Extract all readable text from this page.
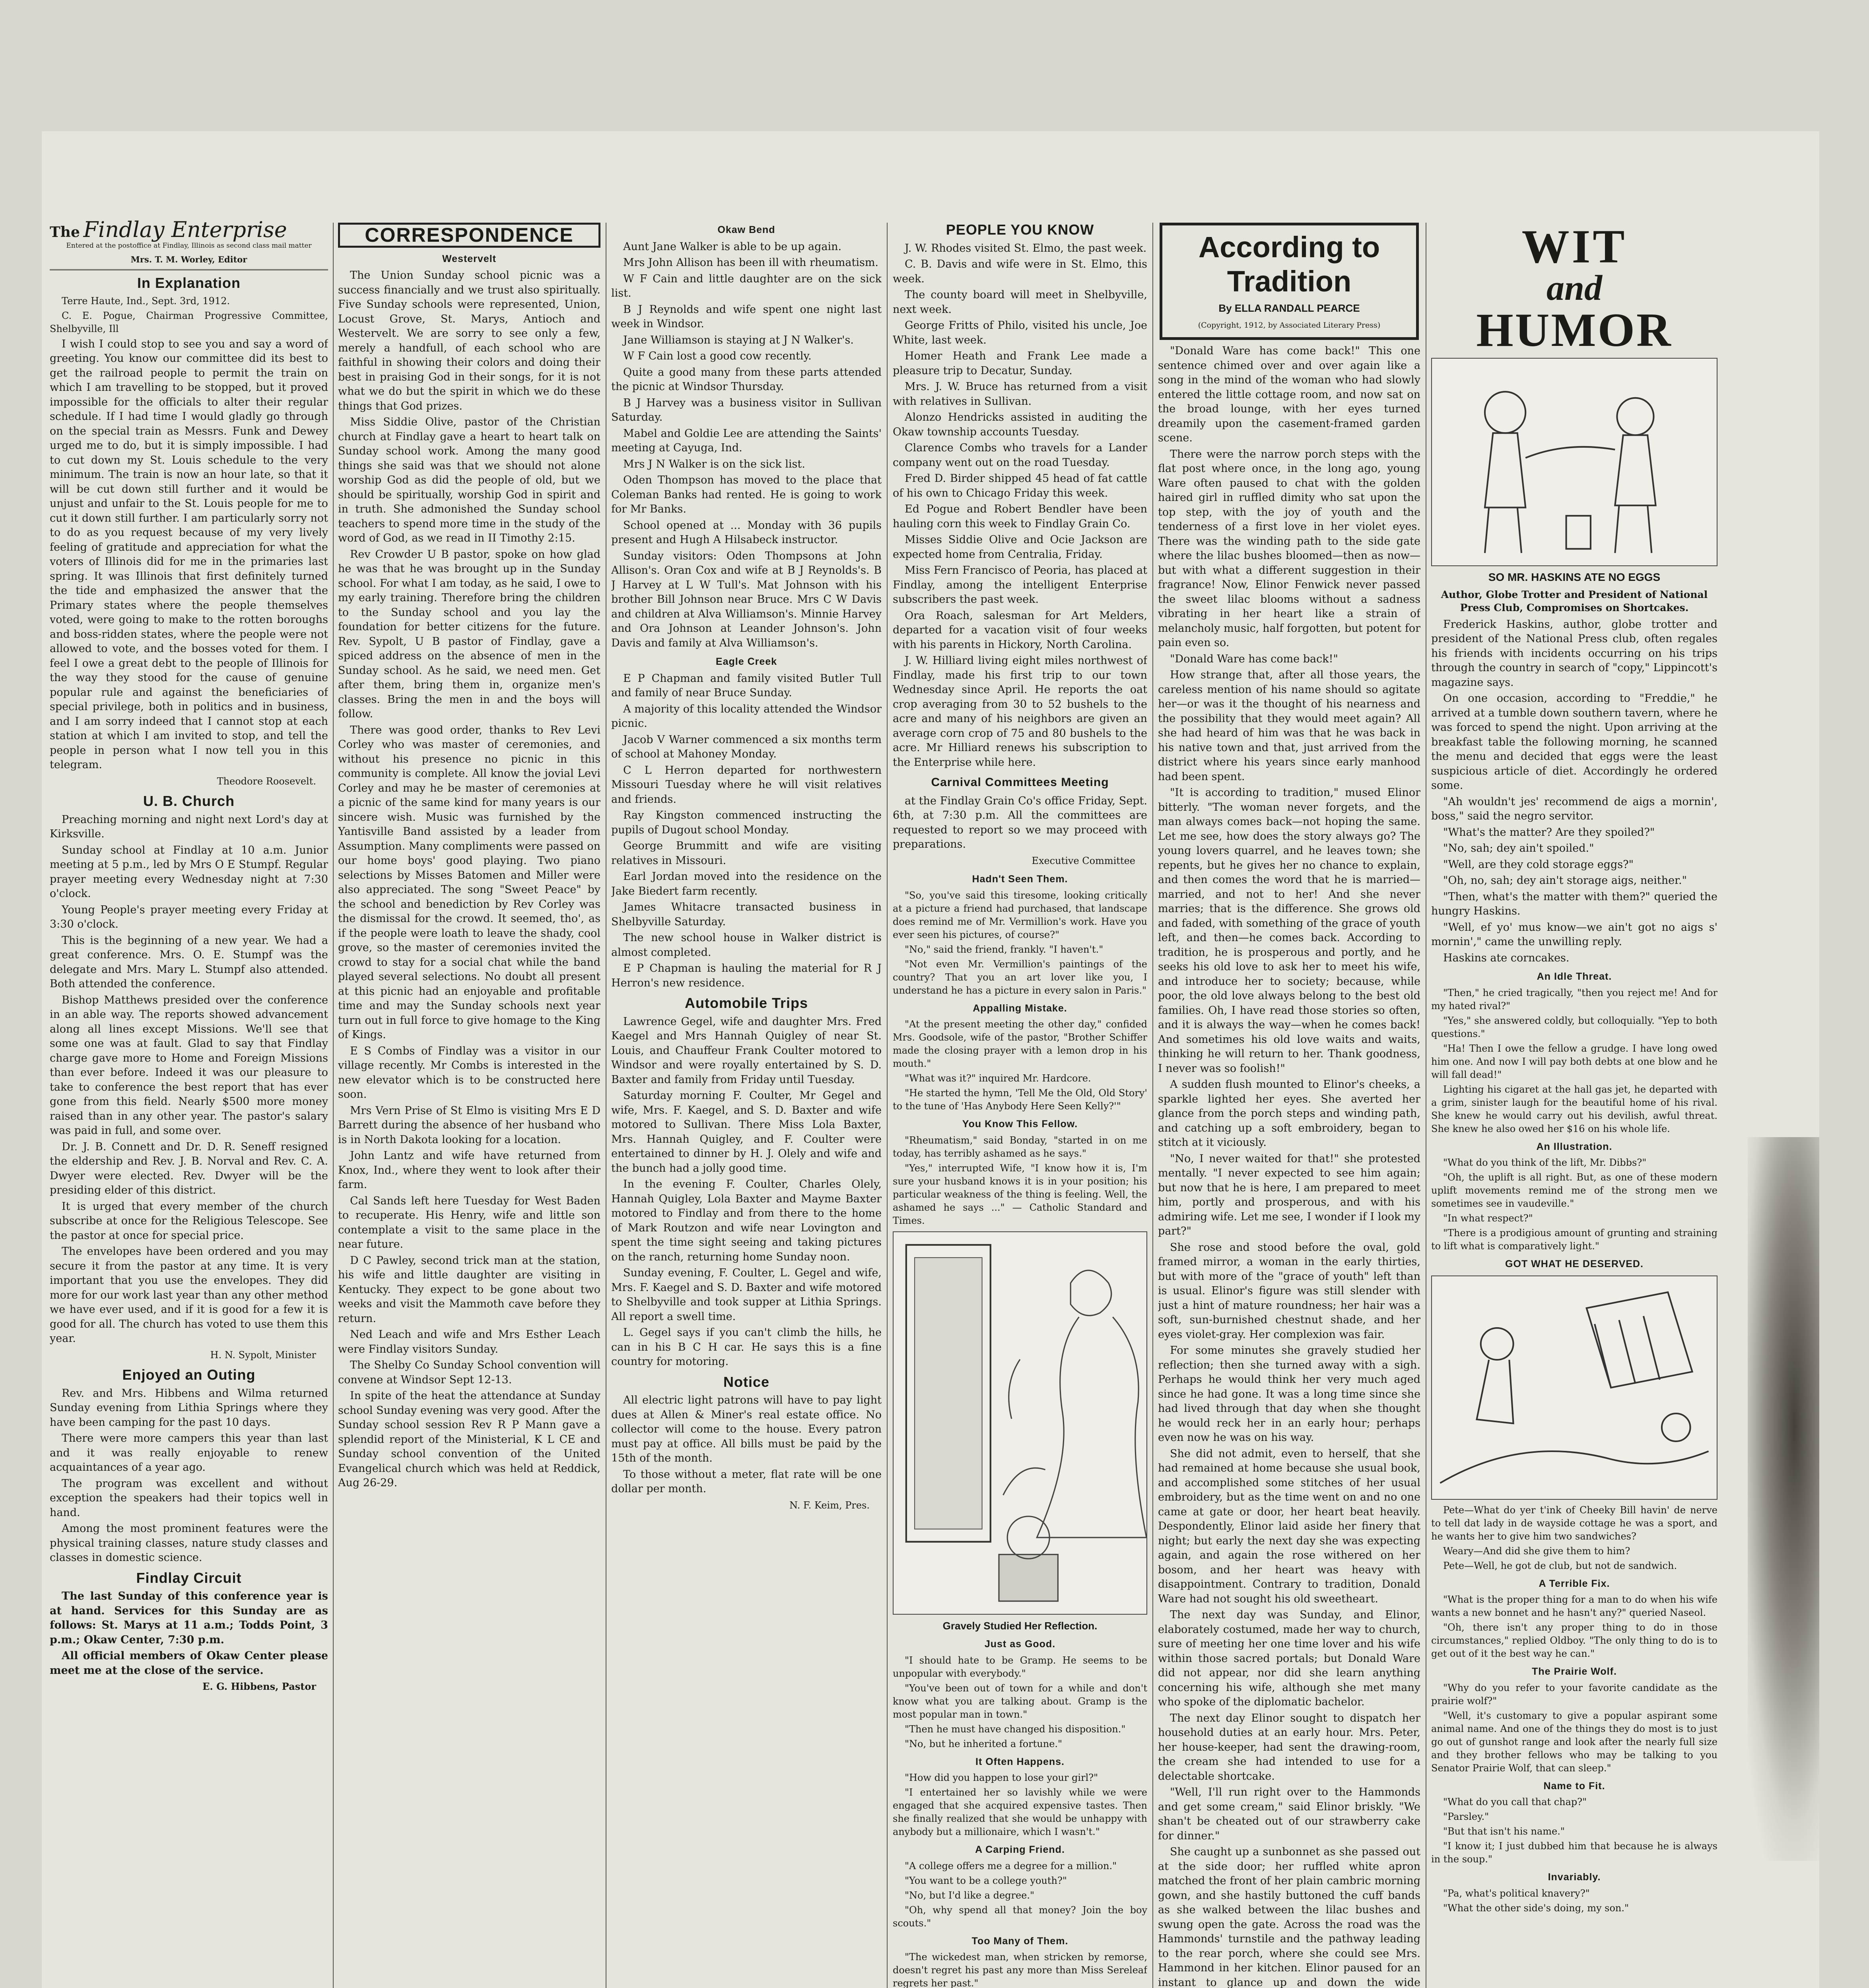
The Findlay Enterprise
Entered at the postoffice at Findlay, Illinois as second class mail matter
Mrs. T. M. Worley, Editor
In Explanation

Terre Haute, Ind., Sept. 3rd, 1912.

C. E. Pogue, Chairman Progressive Committee, Shelbyville, Ill

I wish I could stop to see you and say a word of greeting. You know our committee did its best to get the railroad people to permit the train on which I am travelling to be stopped, but it proved impossible for the officials to alter their regular schedule. If I had time I would gladly go through on the special train as Messrs. Funk and Dewey urged me to do, but it is simply impossible. I had to cut down my St. Louis schedule to the very minimum. The train is now an hour late, so that it will be cut down still further and it would be unjust and unfair to the St. Louis people for me to cut it down still further. I am particularly sorry not to do as you request because of my very lively feeling of gratitude and appreciation for what the voters of Illinois did for me in the primaries last spring. It was Illinois that first definitely turned the tide and emphasized the answer that the Primary states where the people themselves voted, were going to make to the rotten boroughs and boss-ridden states, where the people were not allowed to vote, and the bosses voted for them. I feel I owe a great debt to the people of Illinois for the way they stood for the cause of genuine popular rule and against the beneficiaries of special privilege, both in politics and in business, and I am sorry indeed that I cannot stop at each station at which I am invited to stop, and tell the people in person what I now tell you in this telegram.

Theodore Roosevelt.
U. B. Church

Preaching morning and night next Lord's day at Kirksville.

Sunday school at Findlay at 10 a.m. Junior meeting at 5 p.m., led by Mrs O E Stumpf. Regular prayer meeting every Wednesday night at 7:30 o'clock.

Young People's prayer meeting every Friday at 3:30 o'clock.

This is the beginning of a new year. We had a great conference. Mrs. O. E. Stumpf was the delegate and Mrs. Mary L. Stumpf also attended. Both attended the conference.

Bishop Matthews presided over the conference in an able way. The reports showed advancement along all lines except Missions. We'll see that some one was at fault. Glad to say that Findlay charge gave more to Home and Foreign Missions than ever before. Indeed it was our pleasure to take to conference the best report that has ever gone from this field. Nearly $500 more money raised than in any other year. The pastor's salary was paid in full, and some over.

Dr. J. B. Connett and Dr. D. R. Seneff resigned the eldership and Rev. J. B. Norval and Rev. C. A. Dwyer were elected. Rev. Dwyer will be the presiding elder of this district.

It is urged that every member of the church subscribe at once for the Religious Telescope. See the pastor at once for special price.

The envelopes have been ordered and you may secure it from the pastor at any time. It is very important that you use the envelopes. They did more for our work last year than any other method we have ever used, and if it is good for a few it is good for all. The church has voted to use them this year.

H. N. Sypolt, Minister
Enjoyed an Outing

Rev. and Mrs. Hibbens and Wilma returned Sunday evening from Lithia Springs where they have been camping for the past 10 days.

There were more campers this year than last and it was really enjoyable to renew acquaintances of a year ago.

The program was excellent and without exception the speakers had their topics well in hand.

Among the most prominent features were the physical training classes, nature study classes and classes in domestic science.

Findlay Circuit

The last Sunday of this conference year is at hand. Services for this Sunday are as follows: St. Marys at 11 a.m.; Todds Point, 3 p.m.; Okaw Center, 7:30 p.m.

All official members of Okaw Center please meet me at the close of the service.

E. G. Hibbens, Pastor
CORRESPONDENCE
Westervelt

The Union Sunday school picnic was a success financially and we trust also spiritually. Five Sunday schools were represented, Union, Locust Grove, St. Marys, Antioch and Westervelt. We are sorry to see only a few, merely a handfull, of each school who are faithful in showing their colors and doing their best in praising God in their songs, for it is not what we do but the spirit in which we do these things that God prizes.

Miss Siddie Olive, pastor of the Christian church at Findlay gave a heart to heart talk on Sunday school work. Among the many good things she said was that we should not alone worship God as did the people of old, but we should be spiritually, worship God in spirit and in truth. She admonished the Sunday school teachers to spend more time in the study of the word of God, as we read in II Timothy 2:15.

Rev Crowder U B pastor, spoke on how glad he was that he was brought up in the Sunday school. For what I am today, as he said, I owe to my early training. Therefore bring the children to the Sunday school and you lay the foundation for better citizens for the future. Rev. Sypolt, U B pastor of Findlay, gave a spiced address on the absence of men in the Sunday school. As he said, we need men. Get after them, bring them in, organize men's classes. Bring the men in and the boys will follow.

There was good order, thanks to Rev Levi Corley who was master of ceremonies, and without his presence no picnic in this community is complete. All know the jovial Levi Corley and may he be master of ceremonies at a picnic of the same kind for many years is our sincere wish. Music was furnished by the Yantisville Band assisted by a leader from Assumption. Many compliments were passed on our home boys' good playing. Two piano selections by Misses Batomen and Miller were also appreciated. The song "Sweet Peace" by the school and benediction by Rev Corley was the dismissal for the crowd. It seemed, tho', as if the people were loath to leave the shady, cool grove, so the master of ceremonies invited the crowd to stay for a social chat while the band played several selections. No doubt all present at this picnic had an enjoyable and profitable time and may the Sunday schools next year turn out in full force to give homage to the King of Kings.

E S Combs of Findlay was a visitor in our village recently. Mr Combs is interested in the new elevator which is to be constructed here soon.

Mrs Vern Prise of St Elmo is visiting Mrs E D Barrett during the absence of her husband who is in North Dakota looking for a location.

John Lantz and wife have returned from Knox, Ind., where they went to look after their farm.

Cal Sands left here Tuesday for West Baden to recuperate. His Henry, wife and little son contemplate a visit to the same place in the near future.

D C Pawley, second trick man at the station, his wife and little daughter are visiting in Kentucky. They expect to be gone about two weeks and visit the Mammoth cave before they return.

Ned Leach and wife and Mrs Esther Leach were Findlay visitors Sunday.

The Shelby Co Sunday School convention will convene at Windsor Sept 12-13.

In spite of the heat the attendance at Sunday school Sunday evening was very good. After the Sunday school session Rev R P Mann gave a splendid report of the Ministerial, K L CE and Sunday school convention of the United Evangelical church which was held at Reddick, Aug 26-29.

Okaw Bend

Aunt Jane Walker is able to be up again.

Mrs John Allison has been ill with rheumatism.

W F Cain and little daughter are on the sick list.

B J Reynolds and wife spent one night last week in Windsor.

Jane Williamson is staying at J N Walker's.

W F Cain lost a good cow recently.

Quite a good many from these parts attended the picnic at Windsor Thursday.

B J Harvey was a business visitor in Sullivan Saturday.

Mabel and Goldie Lee are attending the Saints' meeting at Cayuga, Ind.

Mrs J N Walker is on the sick list.

Oden Thompson has moved to the place that Coleman Banks had rented. He is going to work for Mr Banks.

School opened at ... Monday with 36 pupils present and Hugh A Hilsabeck instructor.

Sunday visitors: Oden Thompsons at John Allison's. Oran Cox and wife at B J Reynolds's. B J Harvey at L W Tull's. Mat Johnson with his brother Bill Johnson near Bruce. Mrs C W Davis and children at Alva Williamson's. Minnie Harvey and Ora Johnson at Leander Johnson's. John Davis and family at Alva Williamson's.

Eagle Creek

E P Chapman and family visited Butler Tull and family of near Bruce Sunday.

A majority of this locality attended the Windsor picnic.

Jacob V Warner commenced a six months term of school at Mahoney Monday.

C L Herron departed for northwestern Missouri Tuesday where he will visit relatives and friends.

Ray Kingston commenced instructing the pupils of Dugout school Monday.

George Brummitt and wife are visiting relatives in Missouri.

Earl Jordan moved into the residence on the Jake Biedert farm recently.

James Whitacre transacted business in Shelbyville Saturday.

The new school house in Walker district is almost completed.

E P Chapman is hauling the material for R J Herron's new residence.

Automobile Trips

Lawrence Gegel, wife and daughter Mrs. Fred Kaegel and Mrs Hannah Quigley of near St. Louis, and Chauffeur Frank Coulter motored to Windsor and were royally entertained by S. D. Baxter and family from Friday until Tuesday.

Saturday morning F. Coulter, Mr Gegel and wife, Mrs. F. Kaegel, and S. D. Baxter and wife motored to Sullivan. There Miss Lola Baxter, Mrs. Hannah Quigley, and F. Coulter were entertained to dinner by H. J. Olely and wife and the bunch had a jolly good time.

In the evening F. Coulter, Charles Olely, Hannah Quigley, Lola Baxter and Mayme Baxter motored to Findlay and from there to the home of Mark Routzon and wife near Lovington and spent the time sight seeing and taking pictures on the ranch, returning home Sunday noon.

Sunday evening, F. Coulter, L. Gegel and wife, Mrs. F. Kaegel and S. D. Baxter and wife motored to Shelbyville and took supper at Lithia Springs. All report a swell time.

L. Gegel says if you can't climb the hills, he can in his B C H car. He says this is a fine country for motoring.

Notice

All electric light patrons will have to pay light dues at Allen & Miner's real estate office. No collector will come to the house. Every patron must pay at office. All bills must be paid by the 15th of the month.

To those without a meter, flat rate will be one dollar per month.

N. F. Keim, Pres.
PEOPLE YOU KNOW

J. W. Rhodes visited St. Elmo, the past week.

C. B. Davis and wife were in St. Elmo, this week.

The county board will meet in Shelbyville, next week.

George Fritts of Philo, visited his uncle, Joe White, last week.

Homer Heath and Frank Lee made a pleasure trip to Decatur, Sunday.

Mrs. J. W. Bruce has returned from a visit with relatives in Sullivan.

Alonzo Hendricks assisted in auditing the Okaw township accounts Tuesday.

Clarence Combs who travels for a Lander company went out on the road Tuesday.

Fred D. Birder shipped 45 head of fat cattle of his own to Chicago Friday this week.

Ed Pogue and Robert Bendler have been hauling corn this week to Findlay Grain Co.

Misses Siddie Olive and Ocie Jackson are expected home from Centralia, Friday.

Miss Fern Francisco of Peoria, has placed at Findlay, among the intelligent Enterprise subscribers the past week.

Ora Roach, salesman for Art Melders, departed for a vacation visit of four weeks with his parents in Hickory, North Carolina.

J. W. Hilliard living eight miles northwest of Findlay, made his first trip to our town Wednesday since April. He reports the oat crop averaging from 30 to 52 bushels to the acre and many of his neighbors are given an average corn crop of 75 and 80 bushels to the acre. Mr Hilliard renews his subscription to the Enterprise while here.

Carnival Committees Meeting

at the Findlay Grain Co's office Friday, Sept. 6th, at 7:30 p.m. All the committees are requested to report so we may proceed with preparations.

Executive Committee
Hadn't Seen Them.

"So, you've said this tiresome, looking critically at a picture a friend had purchased, that landscape does remind me of Mr. Vermillion's work. Have you ever seen his pictures, of course?"

"No," said the friend, frankly. "I haven't."

"Not even Mr. Vermillion's paintings of the country? That you an art lover like you, I understand he has a picture in every salon in Paris."

Appalling Mistake.

"At the present meeting the other day," confided Mrs. Goodsole, wife of the pastor, "Brother Schiffer made the closing prayer with a lemon drop in his mouth."

"What was it?" inquired Mr. Hardcore.

"He started the hymn, 'Tell Me the Old, Old Story' to the tune of 'Has Anybody Here Seen Kelly?'"

You Know This Fellow.

"Rheumatism," said Bonday, "started in on me today, has terribly ashamed as he says."

"Yes," interrupted Wife, "I know how it is, I'm sure your husband knows it is in your position; his particular weakness of the thing is feeling. Well, the ashamed he says ..." — Catholic Standard and Times.

Gravely Studied Her Reflection.
Just as Good.

"I should hate to be Gramp. He seems to be unpopular with everybody."

"You've been out of town for a while and don't know what you are talking about. Gramp is the most popular man in town."

"Then he must have changed his disposition."

"No, but he inherited a fortune."

It Often Happens.

"How did you happen to lose your girl?"

"I entertained her so lavishly while we were engaged that she acquired expensive tastes. Then she finally realized that she would be unhappy with anybody but a millionaire, which I wasn't."

A Carping Friend.

"A college offers me a degree for a million."

"You want to be a college youth?"

"No, but I'd like a degree."

"Oh, why spend all that money? Join the boy scouts."

Too Many of Them.

"The wickedest man, when stricken by remorse, doesn't regret his past any more than Miss Sereleaf regrets her past."

According to Tradition
By ELLA RANDALL PEARCE
(Copyright, 1912, by Associated Literary Press)

"Donald Ware has come back!" This one sentence chimed over and over again like a song in the mind of the woman who had slowly entered the little cottage room, and now sat on the broad lounge, with her eyes turned dreamily upon the casement-framed garden scene.

There were the narrow porch steps with the flat post where once, in the long ago, young Ware often paused to chat with the golden haired girl in ruffled dimity who sat upon the top step, with the joy of youth and the tenderness of a first love in her violet eyes. There was the winding path to the side gate where the lilac bushes bloomed—then as now—but with what a different suggestion in their fragrance! Now, Elinor Fenwick never passed the sweet lilac blooms without a sadness vibrating in her heart like a strain of melancholy music, half forgotten, but potent for pain even so.

"Donald Ware has come back!"

How strange that, after all those years, the careless mention of his name should so agitate her—or was it the thought of his nearness and the possibility that they would meet again? All she had heard of him was that he was back in his native town and that, just arrived from the district where his years since early manhood had been spent.

"It is according to tradition," mused Elinor bitterly. "The woman never forgets, and the man always comes back—not hoping the same. Let me see, how does the story always go? The young lovers quarrel, and he leaves town; she repents, but he gives her no chance to explain, and then comes the word that he is married—married, and not to her! And she never marries; that is the difference. She grows old and faded, with something of the grace of youth left, and then—he comes back. According to tradition, he is prosperous and portly, and he seeks his old love to ask her to meet his wife, and introduce her to society; because, while poor, the old love always belong to the best old families. Oh, I have read those stories so often, and it is always the way—when he comes back! And sometimes his old love waits and waits, thinking he will return to her. Thank goodness, I never was so foolish!"

A sudden flush mounted to Elinor's cheeks, a sparkle lighted her eyes. She averted her glance from the porch steps and winding path, and catching up a soft embroidery, began to stitch at it viciously.

"No, I never waited for that!" she protested mentally. "I never expected to see him again; but now that he is here, I am prepared to meet him, portly and prosperous, and with his admiring wife. Let me see, I wonder if I look my part?"

She rose and stood before the oval, gold framed mirror, a woman in the early thirties, but with more of the "grace of youth" left than is usual. Elinor's figure was still slender with just a hint of mature roundness; her hair was a soft, sun-burnished chestnut shade, and her eyes violet-gray. Her complexion was fair.

For some minutes she gravely studied her reflection; then she turned away with a sigh. Perhaps he would think her very much aged since he had gone. It was a long time since she had lived through that day when she thought he would reck her in an early hour; perhaps even now he was on his way.

She did not admit, even to herself, that she had remained at home because she usual book, and accomplished some stitches of her usual embroidery, but as the time went on and no one came at gate or door, her heart beat heavily. Despondently, Elinor laid aside her finery that night; but early the next day she was expecting again, and again the rose withered on her bosom, and her heart was heavy with disappointment. Contrary to tradition, Donald Ware had not sought his old sweetheart.

The next day was Sunday, and Elinor, elaborately costumed, made her way to church, sure of meeting her one time lover and his wife within those sacred portals; but Donald Ware did not appear, nor did she learn anything concerning his wife, although she met many who spoke of the diplomatic bachelor.

The next day Elinor sought to dispatch her household duties at an early hour. Mrs. Peter, her house-keeper, had sent the drawing-room, the cream she had intended to use for a delectable shortcake.

"Well, I'll run right over to the Hammonds and get some cream," said Elinor briskly. "We shan't be cheated out of our strawberry cake for dinner."

She caught up a sunbonnet as she passed out at the side door; her ruffled white apron matched the front of her plain cambric morning gown, and she hastily buttoned the cuff bands as she walked between the lilac bushes and swung open the gate. Across the road was the Hammonds' turnstile and the pathway leading to the rear porch, where she could see Mrs. Hammond in her kitchen. Elinor paused for an instant to glance up and down the wide

WIT
and
HUMOR
SO MR. HASKINS ATE NO EGGS
Author, Globe Trotter and President of National Press Club, Compromises on Shortcakes.

Frederick Haskins, author, globe trotter and president of the National Press club, often regales his friends with incidents occurring on his trips through the country in search of "copy," Lippincott's magazine says.

On one occasion, according to "Freddie," he arrived at a tumble down southern tavern, where he was forced to spend the night. Upon arriving at the breakfast table the following morning, he scanned the menu and decided that eggs were the least suspicious article of diet. Accordingly he ordered some.

"Ah wouldn't jes' recommend de aigs a mornin', boss," said the negro servitor.

"What's the matter? Are they spoiled?"

"No, sah; dey ain't spoiled."

"Well, are they cold storage eggs?"

"Oh, no, sah; dey ain't storage aigs, neither."

"Then, what's the matter with them?" queried the hungry Haskins.

"Well, ef yo' mus know—we ain't got no aigs s' mornin'," came the unwilling reply.

Haskins ate corncakes.

An Idle Threat.

"Then," he cried tragically, "then you reject me! And for my hated rival?"

"Yes," she answered coldly, but colloquially. "Yep to both questions."

"Ha! Then I owe the fellow a grudge. I have long owed him one. And now I will pay both debts at one blow and he will fall dead!"

Lighting his cigaret at the hall gas jet, he departed with a grim, sinister laugh for the beautiful home of his rival. She knew he would carry out his devilish, awful threat. She knew he also owed her $16 on his whole life.

An Illustration.

"What do you think of the lift, Mr. Dibbs?"

"Oh, the uplift is all right. But, as one of these modern uplift movements remind me of the strong men we sometimes see in vaudeville."

"In what respect?"

"There is a prodigious amount of grunting and straining to lift what is comparatively light."

GOT WHAT HE DESERVED.

Pete—What do yer t'ink of Cheeky Bill havin' de nerve to tell dat lady in de wayside cottage he was a sport, and he wants her to give him two sandwiches?

Weary—And did she give them to him?

Pete—Well, he got de club, but not de sandwich.

A Terrible Fix.

"What is the proper thing for a man to do when his wife wants a new bonnet and he hasn't any?" queried Naseol.

"Oh, there isn't any proper thing to do in those circumstances," replied Oldboy. "The only thing to do is to get out of it the best way he can."

The Prairie Wolf.

"Why do you refer to your favorite candidate as the prairie wolf?"

"Well, it's customary to give a popular aspirant some animal name. And one of the things they do most is to just go out of gunshot range and look after the nearly full size and they brother fellows who may be talking to you Senator Prairie Wolf, that can sleep."

Name to Fit.

"What do you call that chap?"

"Parsley."

"But that isn't his name."

"I know it; I just dubbed him that because he is always in the soup."

Invariably.

"Pa, what's political knavery?"

"What the other side's doing, my son."
